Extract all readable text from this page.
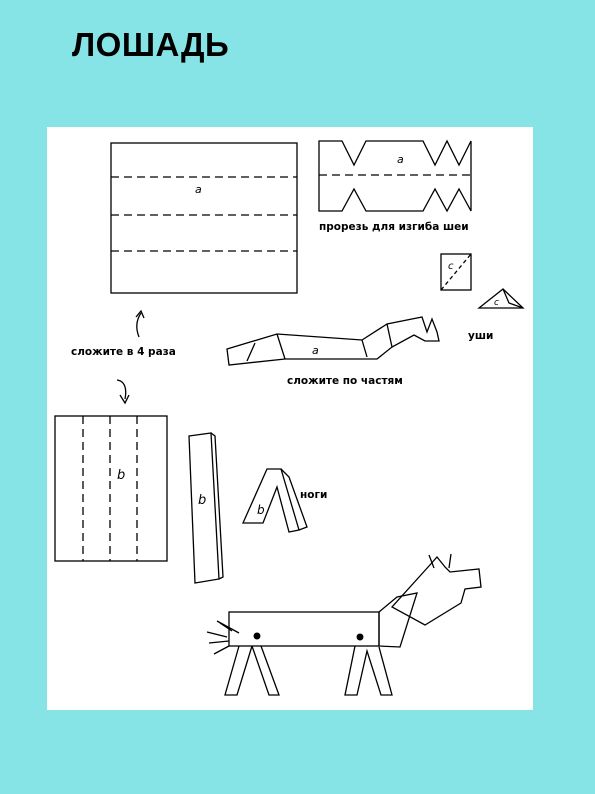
ЛОШАДЬ
a
a
c
c
a
b
b
b
прорезь для изгиба шеи
уши
сложите в 4 раза
сложите по частям
ноги
